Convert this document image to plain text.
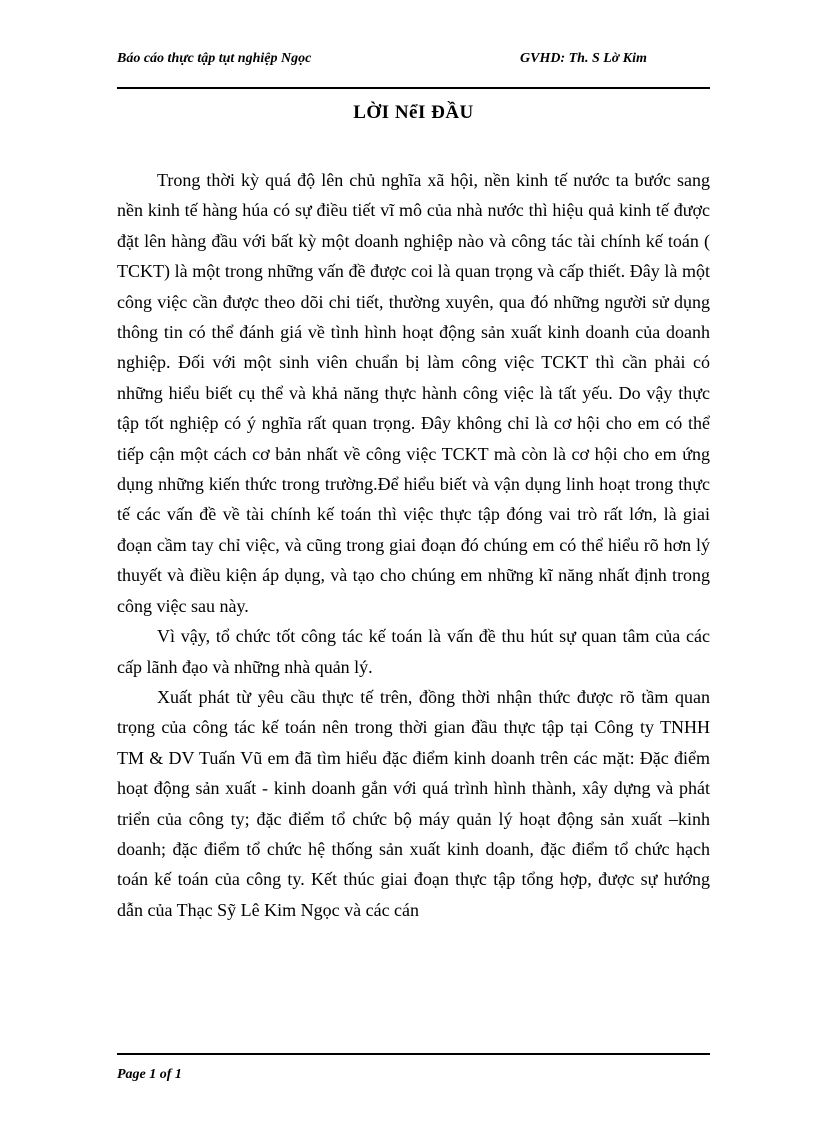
Báo cáo thực tập tụt nghiệp Ngọc	GVHD: Th. S Lờ Kim
LỜI NểI ĐẦU

Trong thời kỳ quá độ lên chủ nghĩa xã hội, nền kinh tế nước ta bước sang nền kinh tế hàng húa có sự điều tiết vĩ mô của nhà nước thì hiệu quả kinh tế được đặt lên hàng đầu với bất kỳ một doanh nghiệp nào và công tác tài chính kế toán ( TCKT) là một trong những vấn đề được coi là quan trọng và cấp thiết. Đây là một công việc cần được theo dõi chi tiết, thường xuyên, qua đó những người sử dụng thông tin có thể đánh giá về tình hình hoạt động sản xuất kinh doanh của doanh nghiệp. Đối với một sinh viên chuẩn bị làm công việc TCKT thì cần phải có những hiểu biết cụ thể và khả năng thực hành công việc là tất yếu. Do vậy thực tập tốt nghiệp có ý nghĩa rất quan trọng. Đây không chỉ là cơ hội cho em có thể tiếp cận một cách cơ bản nhất về công việc TCKT mà còn là cơ hội cho em ứng dụng những kiến thức trong trường.Để hiểu biết và vận dụng linh hoạt trong thực tế các vấn đề về tài chính kế toán thì việc thực tập đóng vai trò rất lớn, là giai đoạn cầm tay chỉ việc, và cũng trong giai đoạn đó chúng em có thể hiểu rõ hơn lý thuyết và điều kiện áp dụng, và tạo cho chúng em những kĩ năng nhất định trong công việc sau này.

Vì vậy, tổ chức tốt công tác kế toán là vấn đề thu hút sự quan tâm của các cấp lãnh đạo và những nhà quản lý.

Xuất phát từ yêu cầu thực tế trên, đồng thời nhận thức được rõ tầm quan trọng của công tác kế toán nên trong thời gian đầu thực tập tại Công ty TNHH TM & DV Tuấn Vũ em đã tìm hiểu đặc điểm kinh doanh trên các mặt: Đặc điểm hoạt động sản xuất - kinh doanh gắn với quá trình hình thành, xây dựng và phát triển của công ty; đặc điểm tổ chức bộ máy quản lý hoạt động sản xuất –kinh doanh; đặc điểm tổ chức hệ thống sản xuất kinh doanh, đặc điểm tổ chức hạch toán kế toán của công ty. Kết thúc giai đoạn thực tập tổng hợp, được sự hướng dẫn của Thạc Sỹ Lê Kim Ngọc và các cán

Page 1 of 1
